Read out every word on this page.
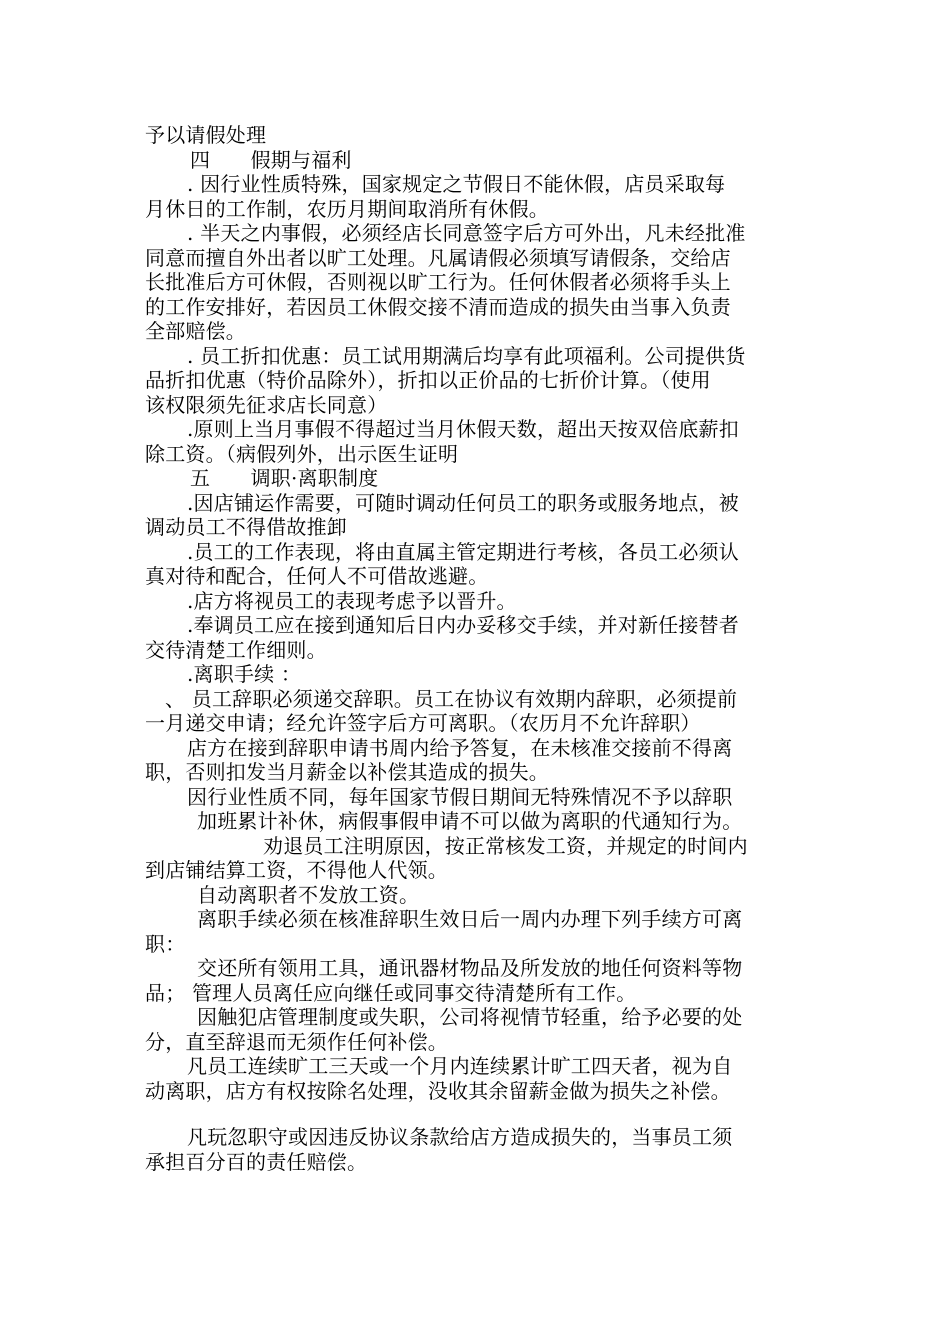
予以请假处理
四　　假期与福利
. 因行业性质特殊，国家规定之节假日不能休假，店员采取每
月休日的工作制，农历月期间取消所有休假。
. 半天之内事假，必须经店长同意签字后方可外出，凡未经批准
同意而擅自外出者以旷工处理。凡属请假必须填写请假条，交给店
长批准后方可休假，否则视以旷工行为。任何休假者必须将手头上
的工作安排好，若因员工休假交接不清而造成的损失由当事入负责
全部赔偿。
. 员工折扣优惠：员工试用期满后均享有此项福利。公司提供货
品折扣优惠（特价品除外），折扣以正价品的七折价计算。（使用
该权限须先征求店长同意）
.原则上当月事假不得超过当月休假天数，超出天按双倍底薪扣
除工资。（病假列外，出示医生证明
五　　调职·离职制度
.因店铺运作需要，可随时调动任何员工的职务或服务地点，被
调动员工不得借故推卸
.员工的工作表现，将由直属主管定期进行考核，各员工必须认
真对待和配合，任何人不可借故逃避。
.店方将视员工的表现考虑予以晋升。
.奉调员工应在接到通知后日内办妥移交手续，并对新任接替者
交待清楚工作细则。
.离职手续 ：
、 员工辞职必须递交辞职。员工在协议有效期内辞职，必须提前
一月递交申请；经允许签字后方可离职。（农历月不允许辞职）
店方在接到辞职申请书周内给予答复，在未核准交接前不得离
职，否则扣发当月薪金以补偿其造成的损失。
因行业性质不同，每年国家节假日期间无特殊情况不予以辞职
加班累计补休，病假事假申请不可以做为离职的代通知行为。
劝退员工注明原因，按正常核发工资，并规定的时间内
到店铺结算工资，不得他人代领。
自动离职者不发放工资。
离职手续必须在核准辞职生效日后一周内办理下列手续方可离
职：
交还所有领用工具，通讯器材物品及所发放的地任何资料等物
品； 管理人员离任应向继任或同事交待清楚所有工作。
因触犯店管理制度或失职，公司将视情节轻重，给予必要的处
分，直至辞退而无须作任何补偿。
凡员工连续旷工三天或一个月内连续累计旷工四天者，视为自
动离职，店方有权按除名处理，没收其余留薪金做为损失之补偿。
凡玩忽职守或因违反协议条款给店方造成损失的，当事员工须
承担百分百的责任赔偿。
